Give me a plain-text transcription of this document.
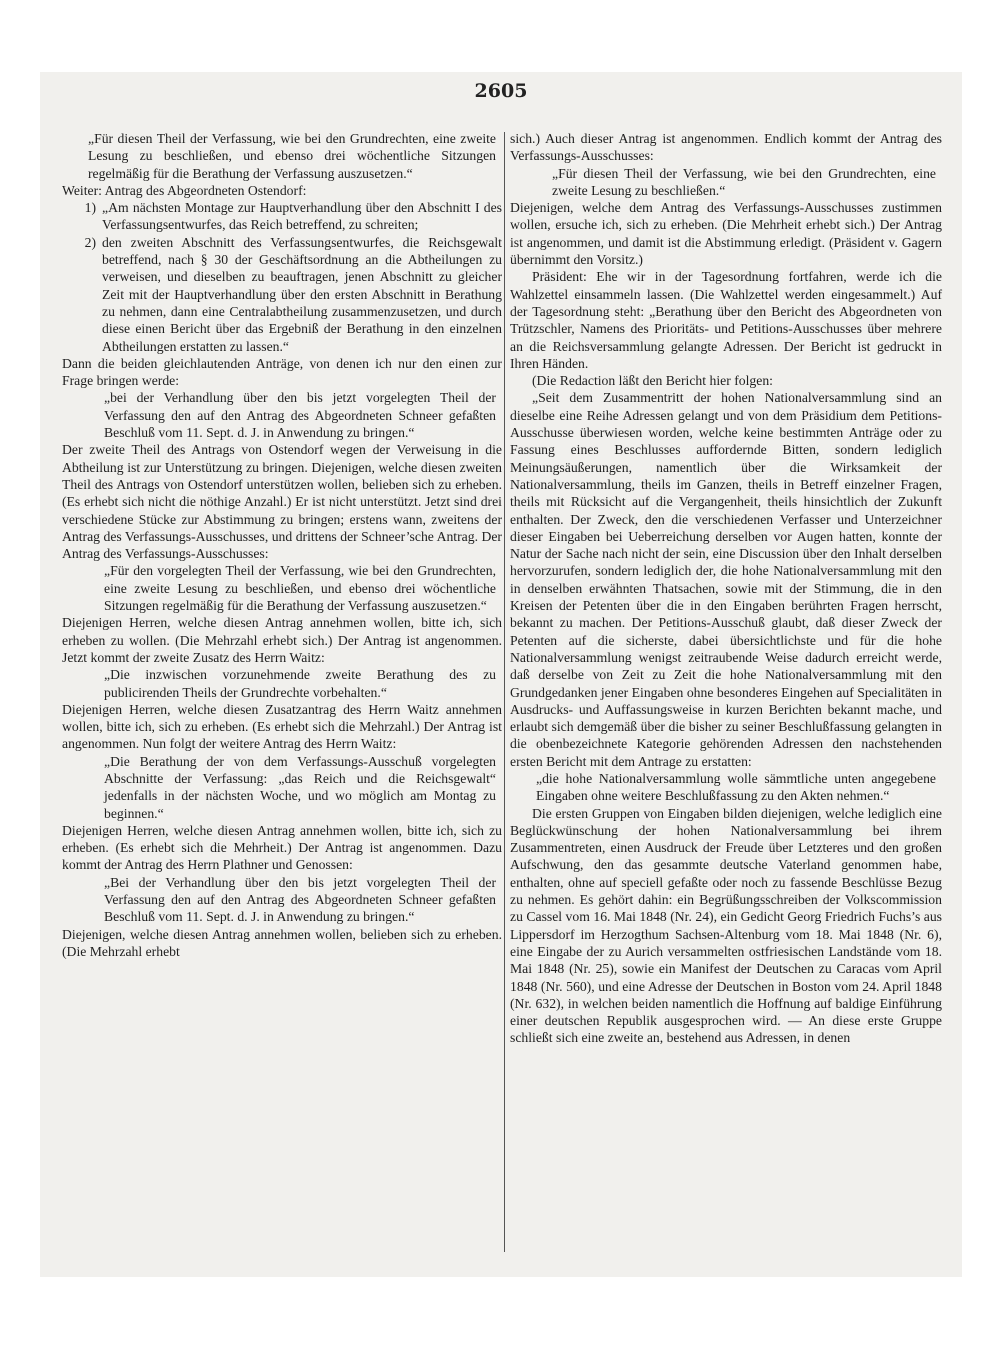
2605

„Für diesen Theil der Verfassung, wie bei den Grundrechten, eine zweite Lesung zu beschließen, und ebenso drei wöchentliche Sitzungen regelmäßig für die Berathung der Verfassung auszusetzen.“

Weiter: Antrag des Abgeordneten Ostendorf:

1) „Am nächsten Montage zur Hauptverhandlung über den Abschnitt I des Verfassungsentwurfes, das Reich betreffend, zu schreiten;
2) den zweiten Abschnitt des Verfassungsentwurfes, die Reichsgewalt betreffend, nach § 30 der Geschäftsordnung an die Abtheilungen zu verweisen, und dieselben zu beauftragen, jenen Abschnitt zu gleicher Zeit mit der Hauptverhandlung über den ersten Abschnitt in Berathung zu nehmen, dann eine Centralabtheilung zusammenzusetzen, und durch diese einen Bericht über das Ergebniß der Berathung in den einzelnen Abtheilungen erstatten zu lassen.“

Dann die beiden gleichlautenden Anträge, von denen ich nur den einen zur Frage bringen werde:

„bei der Verhandlung über den bis jetzt vorgelegten Theil der Verfassung den auf den Antrag des Abgeordneten Schneer gefaßten Beschluß vom 11. Sept. d. J. in Anwendung zu bringen.“

Der zweite Theil des Antrags von Ostendorf wegen der Verweisung in die Abtheilung ist zur Unterstützung zu bringen. Diejenigen, welche diesen zweiten Theil des Antrags von Ostendorf unterstützen wollen, belieben sich zu erheben. (Es erhebt sich nicht die nöthige Anzahl.) Er ist nicht unterstützt. Jetzt sind drei verschiedene Stücke zur Abstimmung zu bringen; erstens wann, zweitens der Antrag des Verfassungs-Ausschusses, und drittens der Schneer’sche Antrag. Der Antrag des Verfassungs-Ausschusses:

„Für den vorgelegten Theil der Verfassung, wie bei den Grundrechten, eine zweite Lesung zu beschließen, und ebenso drei wöchentliche Sitzungen regelmäßig für die Berathung der Verfassung auszusetzen.“

Diejenigen Herren, welche diesen Antrag annehmen wollen, bitte ich, sich erheben zu wollen. (Die Mehrzahl erhebt sich.) Der Antrag ist angenommen. Jetzt kommt der zweite Zusatz des Herrn Waitz:

„Die inzwischen vorzunehmende zweite Berathung des zu publicirenden Theils der Grundrechte vorbehalten.“

Diejenigen Herren, welche diesen Zusatzantrag des Herrn Waitz annehmen wollen, bitte ich, sich zu erheben. (Es erhebt sich die Mehrzahl.) Der Antrag ist angenommen. Nun folgt der weitere Antrag des Herrn Waitz:

„Die Berathung der von dem Verfassungs-Ausschuß vorgelegten Abschnitte der Verfassung: „das Reich und die Reichsgewalt“ jedenfalls in der nächsten Woche, und wo möglich am Montag zu beginnen.“

Diejenigen Herren, welche diesen Antrag annehmen wollen, bitte ich, sich zu erheben. (Es erhebt sich die Mehrheit.) Der Antrag ist angenommen. Dazu kommt der Antrag des Herrn Plathner und Genossen:

„Bei der Verhandlung über den bis jetzt vorgelegten Theil der Verfassung den auf den Antrag des Abgeordneten Schneer gefaßten Beschluß vom 11. Sept. d. J. in Anwendung zu bringen.“

Diejenigen, welche diesen Antrag annehmen wollen, belieben sich zu erheben. (Die Mehrzahl erhebt

sich.) Auch dieser Antrag ist angenommen. Endlich kommt der Antrag des Verfassungs-Ausschusses:

„Für diesen Theil der Verfassung, wie bei den Grundrechten, eine zweite Lesung zu beschließen.“

Diejenigen, welche dem Antrag des Verfassungs-Ausschusses zustimmen wollen, ersuche ich, sich zu erheben. (Die Mehrheit erhebt sich.) Der Antrag ist angenommen, und damit ist die Abstimmung erledigt. (Präsident v. Gagern übernimmt den Vorsitz.)

Präsident: Ehe wir in der Tagesordnung fortfahren, werde ich die Wahlzettel einsammeln lassen. (Die Wahlzettel werden eingesammelt.) Auf der Tagesordnung steht: „Berathung über den Bericht des Abgeordneten von Trützschler, Namens des Prioritäts- und Petitions-Ausschusses über mehrere an die Reichsversammlung gelangte Adressen. Der Bericht ist gedruckt in Ihren Händen.

(Die Redaction läßt den Bericht hier folgen:

„Seit dem Zusammentritt der hohen Nationalversammlung sind an dieselbe eine Reihe Adressen gelangt und von dem Präsidium dem Petitions-Ausschusse überwiesen worden, welche keine bestimmten Anträge oder zu Fassung eines Beschlusses auffordernde Bitten, sondern lediglich Meinungsäußerungen, namentlich über die Wirksamkeit der Nationalversammlung, theils im Ganzen, theils in Betreff einzelner Fragen, theils mit Rücksicht auf die Vergangenheit, theils hinsichtlich der Zukunft enthalten. Der Zweck, den die verschiedenen Verfasser und Unterzeichner dieser Eingaben bei Ueberreichung derselben vor Augen hatten, konnte der Natur der Sache nach nicht der sein, eine Discussion über den Inhalt derselben hervorzurufen, sondern lediglich der, die hohe Nationalversammlung mit den in denselben erwähnten Thatsachen, sowie mit der Stimmung, die in den Kreisen der Petenten über die in den Eingaben berührten Fragen herrscht, bekannt zu machen. Der Petitions-Ausschuß glaubt, daß dieser Zweck der Petenten auf die sicherste, dabei übersichtlichste und für die hohe Nationalversammlung wenigst zeitraubende Weise dadurch erreicht werde, daß derselbe von Zeit zu Zeit die hohe Nationalversammlung mit den Grundgedanken jener Eingaben ohne besonderes Eingehen auf Specialitäten in Ausdrucks- und Auffassungsweise in kurzen Berichten bekannt mache, und erlaubt sich demgemäß über die bisher zu seiner Beschlußfassung gelangten in die obenbezeichnete Kategorie gehörenden Adressen den nachstehenden ersten Bericht mit dem Antrage zu erstatten:

„die hohe Nationalversammlung wolle sämmtliche unten angegebene Eingaben ohne weitere Beschlußfassung zu den Akten nehmen.“

Die ersten Gruppen von Eingaben bilden diejenigen, welche lediglich eine Beglückwünschung der hohen Nationalversammlung bei ihrem Zusammentreten, einen Ausdruck der Freude über Letzteres und den großen Aufschwung, den das gesammte deutsche Vaterland genommen habe, enthalten, ohne auf speciell gefaßte oder noch zu fassende Beschlüsse Bezug zu nehmen. Es gehört dahin: ein Begrüßungsschreiben der Volkscommission zu Cassel vom 16. Mai 1848 (Nr. 24), ein Gedicht Georg Friedrich Fuchs’s aus Lippersdorf im Herzogthum Sachsen-Altenburg vom 18. Mai 1848 (Nr. 6), eine Eingabe der zu Aurich versammelten ostfriesischen Landstände vom 18. Mai 1848 (Nr. 25), sowie ein Manifest der Deutschen zu Caracas vom April 1848 (Nr. 560), und eine Adresse der Deutschen in Boston vom 24. April 1848 (Nr. 632), in welchen beiden namentlich die Hoffnung auf baldige Einführung einer deutschen Republik ausgesprochen wird. — An diese erste Gruppe schließt sich eine zweite an, bestehend aus Adressen, in denen
